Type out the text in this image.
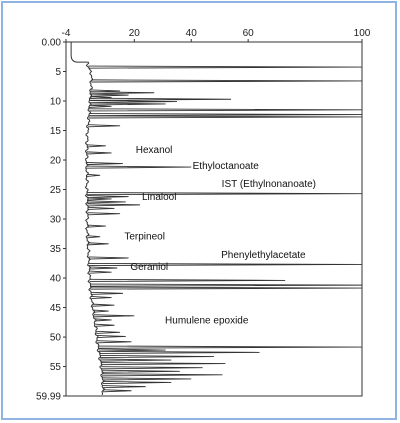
-4	20	40	60	100
0.00
5
10
15
20
25
30
35
40
45
50
55
59.99
Hexanol
Ethyloctanoate
IST (Ethylnonanoate)
Linalool
Terpineol
Phenylethylacetate
Geraniol
Humulene epoxide
